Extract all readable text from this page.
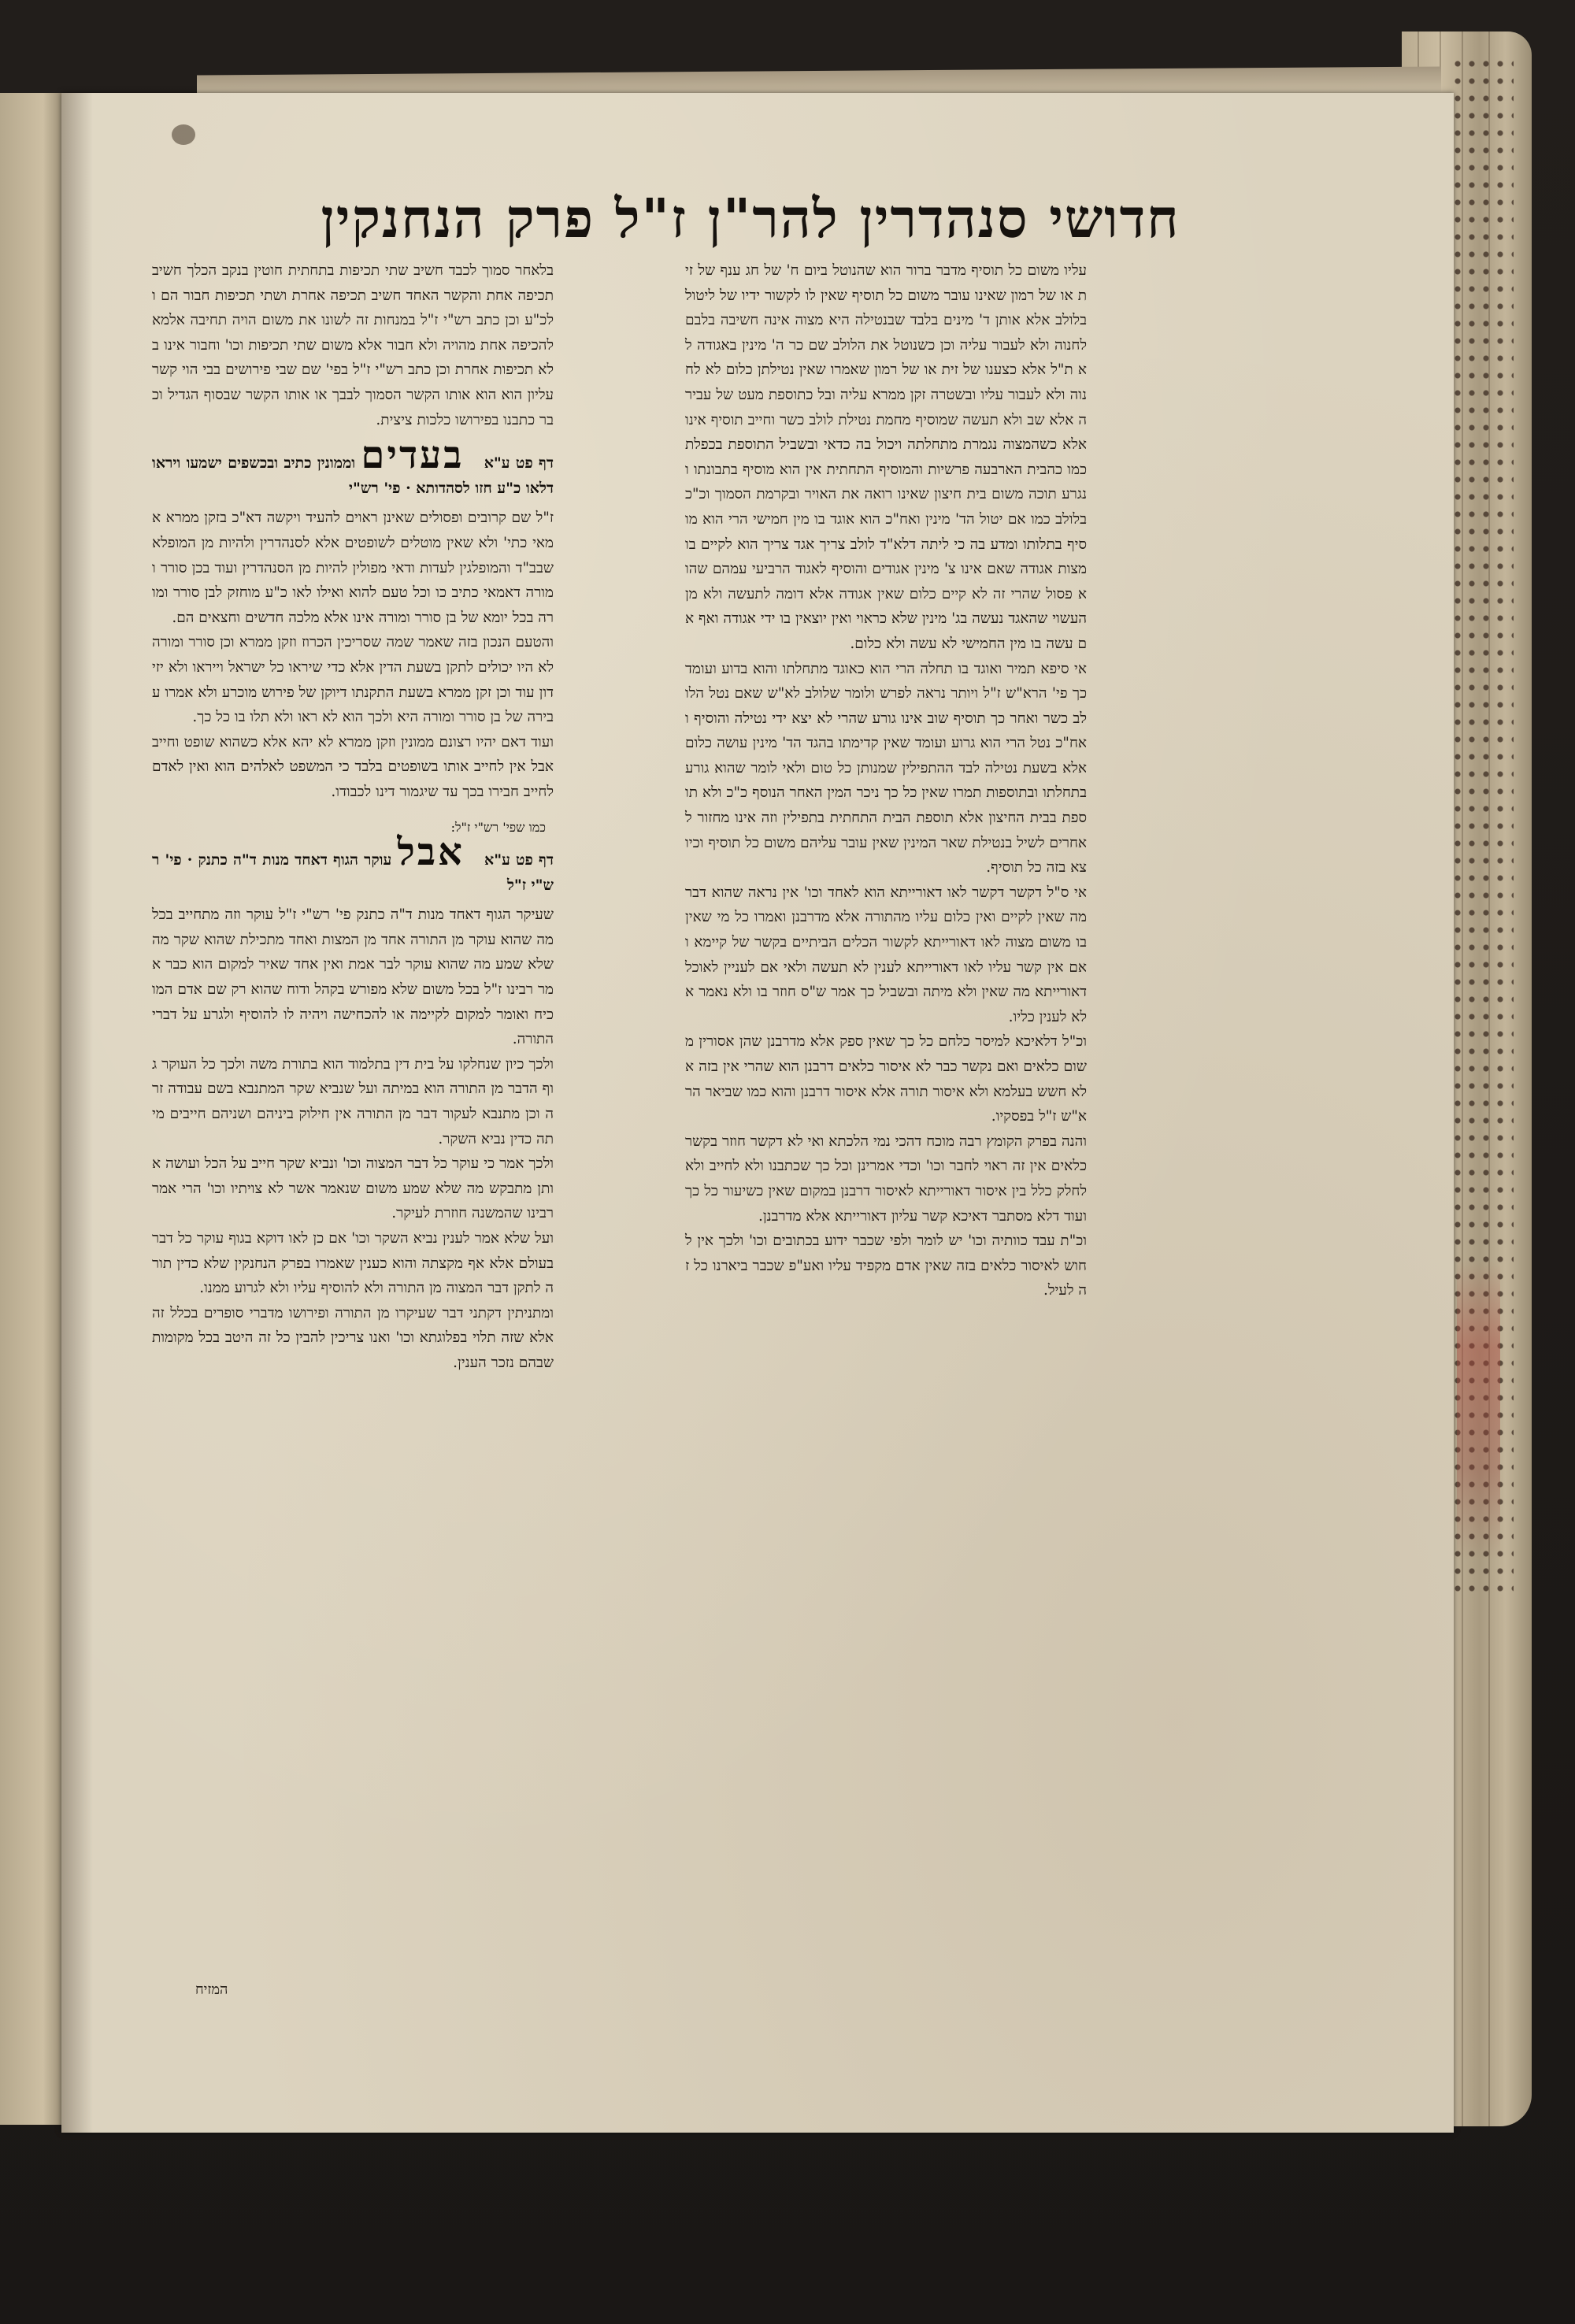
חדושי סנהדרין להר"ן ז"ל פרק הנחנקין

עליו משום כל תוסיף מדבר ברור הוא שהנוטל ביום ח' של חג ענף של זית או של רמון שאינו עובר משום כל תוסיף שאין לו לקשור ידיו של ליטול בלולב אלא אותן ד' מינים בלבד שבנטילה היא מצוה אינה חשיבה בלבם לחנוה ולא לעבור עליה וכן כשנוטל את הלולב שם כר ה' מינין באגודה לא ת"ל אלא כצענו של זית או של רמון שאמרו שאין נטילתן כלום לא לחנוה ולא לעבור עליו ובשטרה זקן ממרא עליה ובל כתוספת מעט של עבירה אלא שב ולא תעשה שמוסיף מחמת נטילת לולב כשר וחייב תוסיף אינו אלא כשהמצוה נגמרת מתחלתה ויכול בה כדאי ובשביל התוספת בכפלת כמו כהבית הארבעה פרשיות והמוסיף התחתית אין הוא מוסיף בתבונתו ונגרע תוכה משום בית חיצון שאינו רואה את האויר ובקרמת הסמוך וכ"כ בלולב כמו אם יטול הד' מינין ואח"כ הוא אוגד בו מין חמישי הרי הוא מוסיף בתלותו ומדע בה כי ליתה דלא"ד לולב צריך אגד צריך הוא לקיים בו מצות אגודה שאם אינו צ' מינין אגודים והוסיף לאגוד הרביעי עמהם שהוא פסול שהרי זה לא קיים כלום שאין אגודה אלא דומה לתעשה ולא מן העשוי שהאגד נעשה בג' מינין שלא כראוי ואין יוצאין בו ידי אגודה ואף אם עשה בו מין החמישי לא עשה ולא כלום.

אי סיפא תמיר ואוגד בו תחלה הרי הוא כאוגד מתחלתו והוא בדוע ועומד כך פי' הרא"ש ז"ל ויותר נראה לפרש ולומר שלולב לא"ש שאם נטל הלולב כשר ואחר כך תוסיף שוב אינו גורע שהרי לא יצא ידי נטילה והוסיף ואח"כ נטל הרי הוא גרוע ועומד שאין קדימתו בהגד הד' מינין עושה כלום אלא בשעת נטילה לבד ההתפילין שמנותן כל טום ולאי לומר שהוא גורע בתחלתו ובתוספות תמרו שאין כל כך ניכר המין האחר הנוסף כ"כ ולא תוספת בבית החיצון אלא תוספת הבית התחתית בתפילין וזה אינו מחזור לאחרים לשיל בנטילת שאר המינין שאין עובר עליהם משום כל תוסיף וכיוצא בזה כל תוסיף.

אי ס"ל דקשר דקשר לאו דאורייתא הוא לאחד וכו' אין נראה שהוא דבר מה שאין לקיים ואין כלום עליו מהתורה אלא מדרבנן ואמרו כל מי שאין בו משום מצוה לאו דאורייתא לקשור הכלים הביתיים בקשר של קיימא ואם אין קשר עליו לאו דאורייתא לענין לא תעשה ולאי אם לעניין לאוכל דאורייתא מה שאין ולא מיתה ובשביל כך אמר ש"ס חוזר בו ולא נאמר אלא לענין כליו.

וכ"ל דלאיכא למיסר כלחם כל כך שאין ספק אלא מדרבנן שהן אסורין משום כלאים ואם נקשר כבר לא איסור כלאים דרבנן הוא שהרי אין בזה אלא חשש בעלמא ולא איסור תורה אלא איסור דרבנן והוא כמו שביאר הרא"ש ז"ל בפסקיו.

והנה בפרק הקומץ רבה מוכח דהכי נמי הלכתא ואי לא דקשר חוזר בקשר כלאים אין זה ראוי לחבר וכו' וכדי אמרינן וכל כך שכתבנו ולא לחייב ולא לחלק כלל בין איסור דאורייתא לאיסור דרבנן במקום שאין כשיעור כל כך ועוד דלא מסתבר דאיכא קשר עליון דאורייתא אלא מדרבנן.

וכ"ת עבד כוותיה וכו' יש לומר ולפי שכבר ידוע בכתובים וכו' ולכך אין לחוש לאיסור כלאים בזה שאין אדם מקפיד עליו ואע"פ שכבר ביארנו כל זה לעיל.

בלאחר סמוך לכבד חשיב שתי תכיפות בתחתית חוטין בנקב הכלך חשיב תכיפה אחת והקשר האחד חשיב תכיפה אחרת ושתי תכיפות חבור הם ולכ"ע וכן כתב רש"י ז"ל במנחות זה לשונו את משום הויה תחיבה אלמא להכיפה אחת מהויה ולא חבור אלא משום שתי תכיפות וכו' וחבור אינו בלא תכיפות אחרת וכן כתב רש"י ז"ל בפי' שם שבי פירושים בבי הוי קשר עליון הוא הוא אותו הקשר הסמוך לבבך או אותו הקשר שבסוף הגדיל וכבר כתבנו בפירושו כלכות ציצית.

דף פט ע"א בעדים וממונין כתיב ובכשפים ישמעו ויראו דלאו כ"ע חזו לסהדותא · פי' רש"י

ז"ל שם קרובים ופסולים שאינן ראוים להעיד ויקשה דא"כ בזקן ממרא אמאי כתי' ולא שאין מוטלים לשופטים אלא לסנהדרין ולהיות מן המופלא שבב"ד והמופלגין לעדות ודאי מפולין להיות מן הסנהדרין ועוד בכן סורר ומורה דאמאי כתיב כו וכל טעם להוא ואילו לאו כ"ע מוחזק לבן סורר ומורה בכל יומא של בן סורר ומורה אינו אלא מלכה חדשים וחצאים הם.

והטעם הנכון בזה שאמר שמה שסריכין הכרוז וזקן ממרא וכן סורר ומורה לא היו יכולים לתקן בשעת הדין אלא כדי שיראו כל ישראל וייראו ולא יזידון עוד וכן זקן ממרא בשעת התקנתו דיוקן של פירוש מוכרע ולא אמרו עבירה של בן סורר ומורה היא ולכך הוא לא ראו ולא תלו בו כל כך.

ועוד דאם יהיו רצונם ממונין וזקן ממרא לא יהא אלא כשהוא שופט וחייב אבל אין לחייב אותו בשופטים בלבד כי המשפט לאלהים הוא ואין לאדם לחייב חבירו בכך עד שיגמור דינו לכבודו.

כמו שפי' רש"י ז"ל:
דף פט ע"א אבל עוקר הגוף דאחד מנות ד"ה כתנק · פי' רש"י ז"ל

שעיקר הגוף דאחד מנות ד"ה כתנק פי' רש"י ז"ל עוקר וזה מתחייב בכל מה שהוא עוקר מן התורה אחד מן המצות ואחד מתכילת שהוא שקר מה שלא שמע מה שהוא עוקר לבר אמת ואין אחד שאיר למקום הוא כבר אמר רבינו ז"ל בכל משום שלא מפורש בקהל ודוח שהוא רק שם אדם המוכיח ואומר למקום לקיימה או להכחישה ויהיה לו להוסיף ולגרע על דברי התורה.

ולכך כיון שנחלקו על בית דין בתלמוד הוא בתורת משה ולכך כל העוקר גוף הדבר מן התורה הוא במיתה ועל שנביא שקר המתנבא בשם עבודה זרה וכן מתנבא לעקור דבר מן התורה אין חילוק ביניהם ושניהם חייבים מיתה כדין נביא השקר.

ולכך אמר כי עוקר כל דבר המצוה וכו' ונביא שקר חייב על הכל ועושה אותן מתבקש מה שלא שמע משום שנאמר אשר לא צויתיו וכו' הרי אמר רבינו שהמשנה חוזרת לעיקר.

ועל שלא אמר לענין נביא השקר וכו' אם כן לאו דוקא בגוף עוקר כל דבר בעולם אלא אף מקצתה והוא כענין שאמרו בפרק הנחנקין שלא כדין תורה לתקן דבר המצוה מן התורה ולא להוסיף עליו ולא לגרוע ממנו.

ומתניתין דקתני דבר שעיקרו מן התורה ופירושו מדברי סופרים בכלל זה אלא שזה תלוי בפלוגתא וכו' ואנו צריכין להבין כל זה היטב בכל מקומות שבהם נזכר הענין.

המזיח
